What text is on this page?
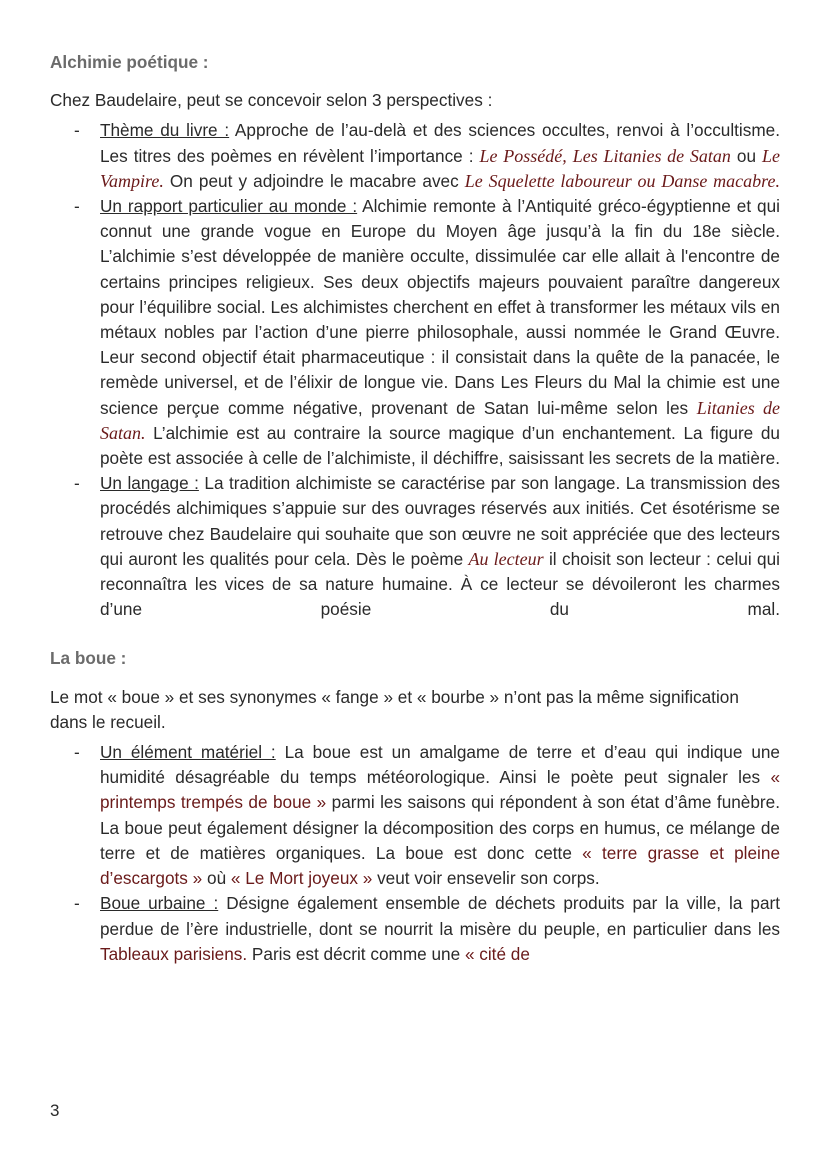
Alchimie poétique :

Chez Baudelaire, peut se concevoir selon 3 perspectives :

- Thème du livre : Approche de l’au-delà et des sciences occultes, renvoi à l’occultisme. Les titres des poèmes en révèlent l’importance : Le Possédé, Les Litanies de Satan ou Le Vampire. On peut y adjoindre le macabre avec Le Squelette laboureur ou Danse macabre.
- Un rapport particulier au monde : Alchimie remonte à l’Antiquité gréco-égyptienne et qui connut une grande vogue en Europe du Moyen âge jusqu’à la fin du 18e siècle. L’alchimie s’est développée de manière occulte, dissimulée car elle allait à l'encontre de certains principes religieux. Ses deux objectifs majeurs pouvaient paraître dangereux pour l’équilibre social. Les alchimistes cherchent en effet à transformer les métaux vils en métaux nobles par l’action d’une pierre philosophale, aussi nommée le Grand Œuvre. Leur second objectif était pharmaceutique : il consistait dans la quête de la panacée, le remède universel, et de l’élixir de longue vie. Dans Les Fleurs du Mal la chimie est une science perçue comme négative, provenant de Satan lui-même selon les Litanies de Satan. L’alchimie est au contraire la source magique d’un enchantement. La figure du poète est associée à celle de l’alchimiste, il déchiffre, saisissant les secrets de la matière.
- Un langage : La tradition alchimiste se caractérise par son langage. La transmission des procédés alchimiques s’appuie sur des ouvrages réservés aux initiés. Cet ésotérisme se retrouve chez Baudelaire qui souhaite que son œuvre ne soit appréciée que des lecteurs qui auront les qualités pour cela. Dès le poème Au lecteur il choisit son lecteur : celui qui reconnaîtra les vices de sa nature humaine. À ce lecteur se dévoileront les charmes d’une poésie du mal.

La boue :

Le mot « boue » et ses synonymes « fange » et « bourbe » n’ont pas la même signification dans le recueil.

- Un élément matériel : La boue est un amalgame de terre et d’eau qui indique une humidité désagréable du temps météorologique. Ainsi le poète peut signaler les « printemps trempés de boue » parmi les saisons qui répondent à son état d’âme funèbre. La boue peut également désigner la décomposition des corps en humus, ce mélange de terre et de matières organiques. La boue est donc cette « terre grasse et pleine d’escargots » où « Le Mort joyeux » veut voir ensevelir son corps.
- Boue urbaine : Désigne également ensemble de déchets produits par la ville, la part perdue de l’ère industrielle, dont se nourrit la misère du peuple, en particulier dans les Tableaux parisiens. Paris est décrit comme une « cité de
3
